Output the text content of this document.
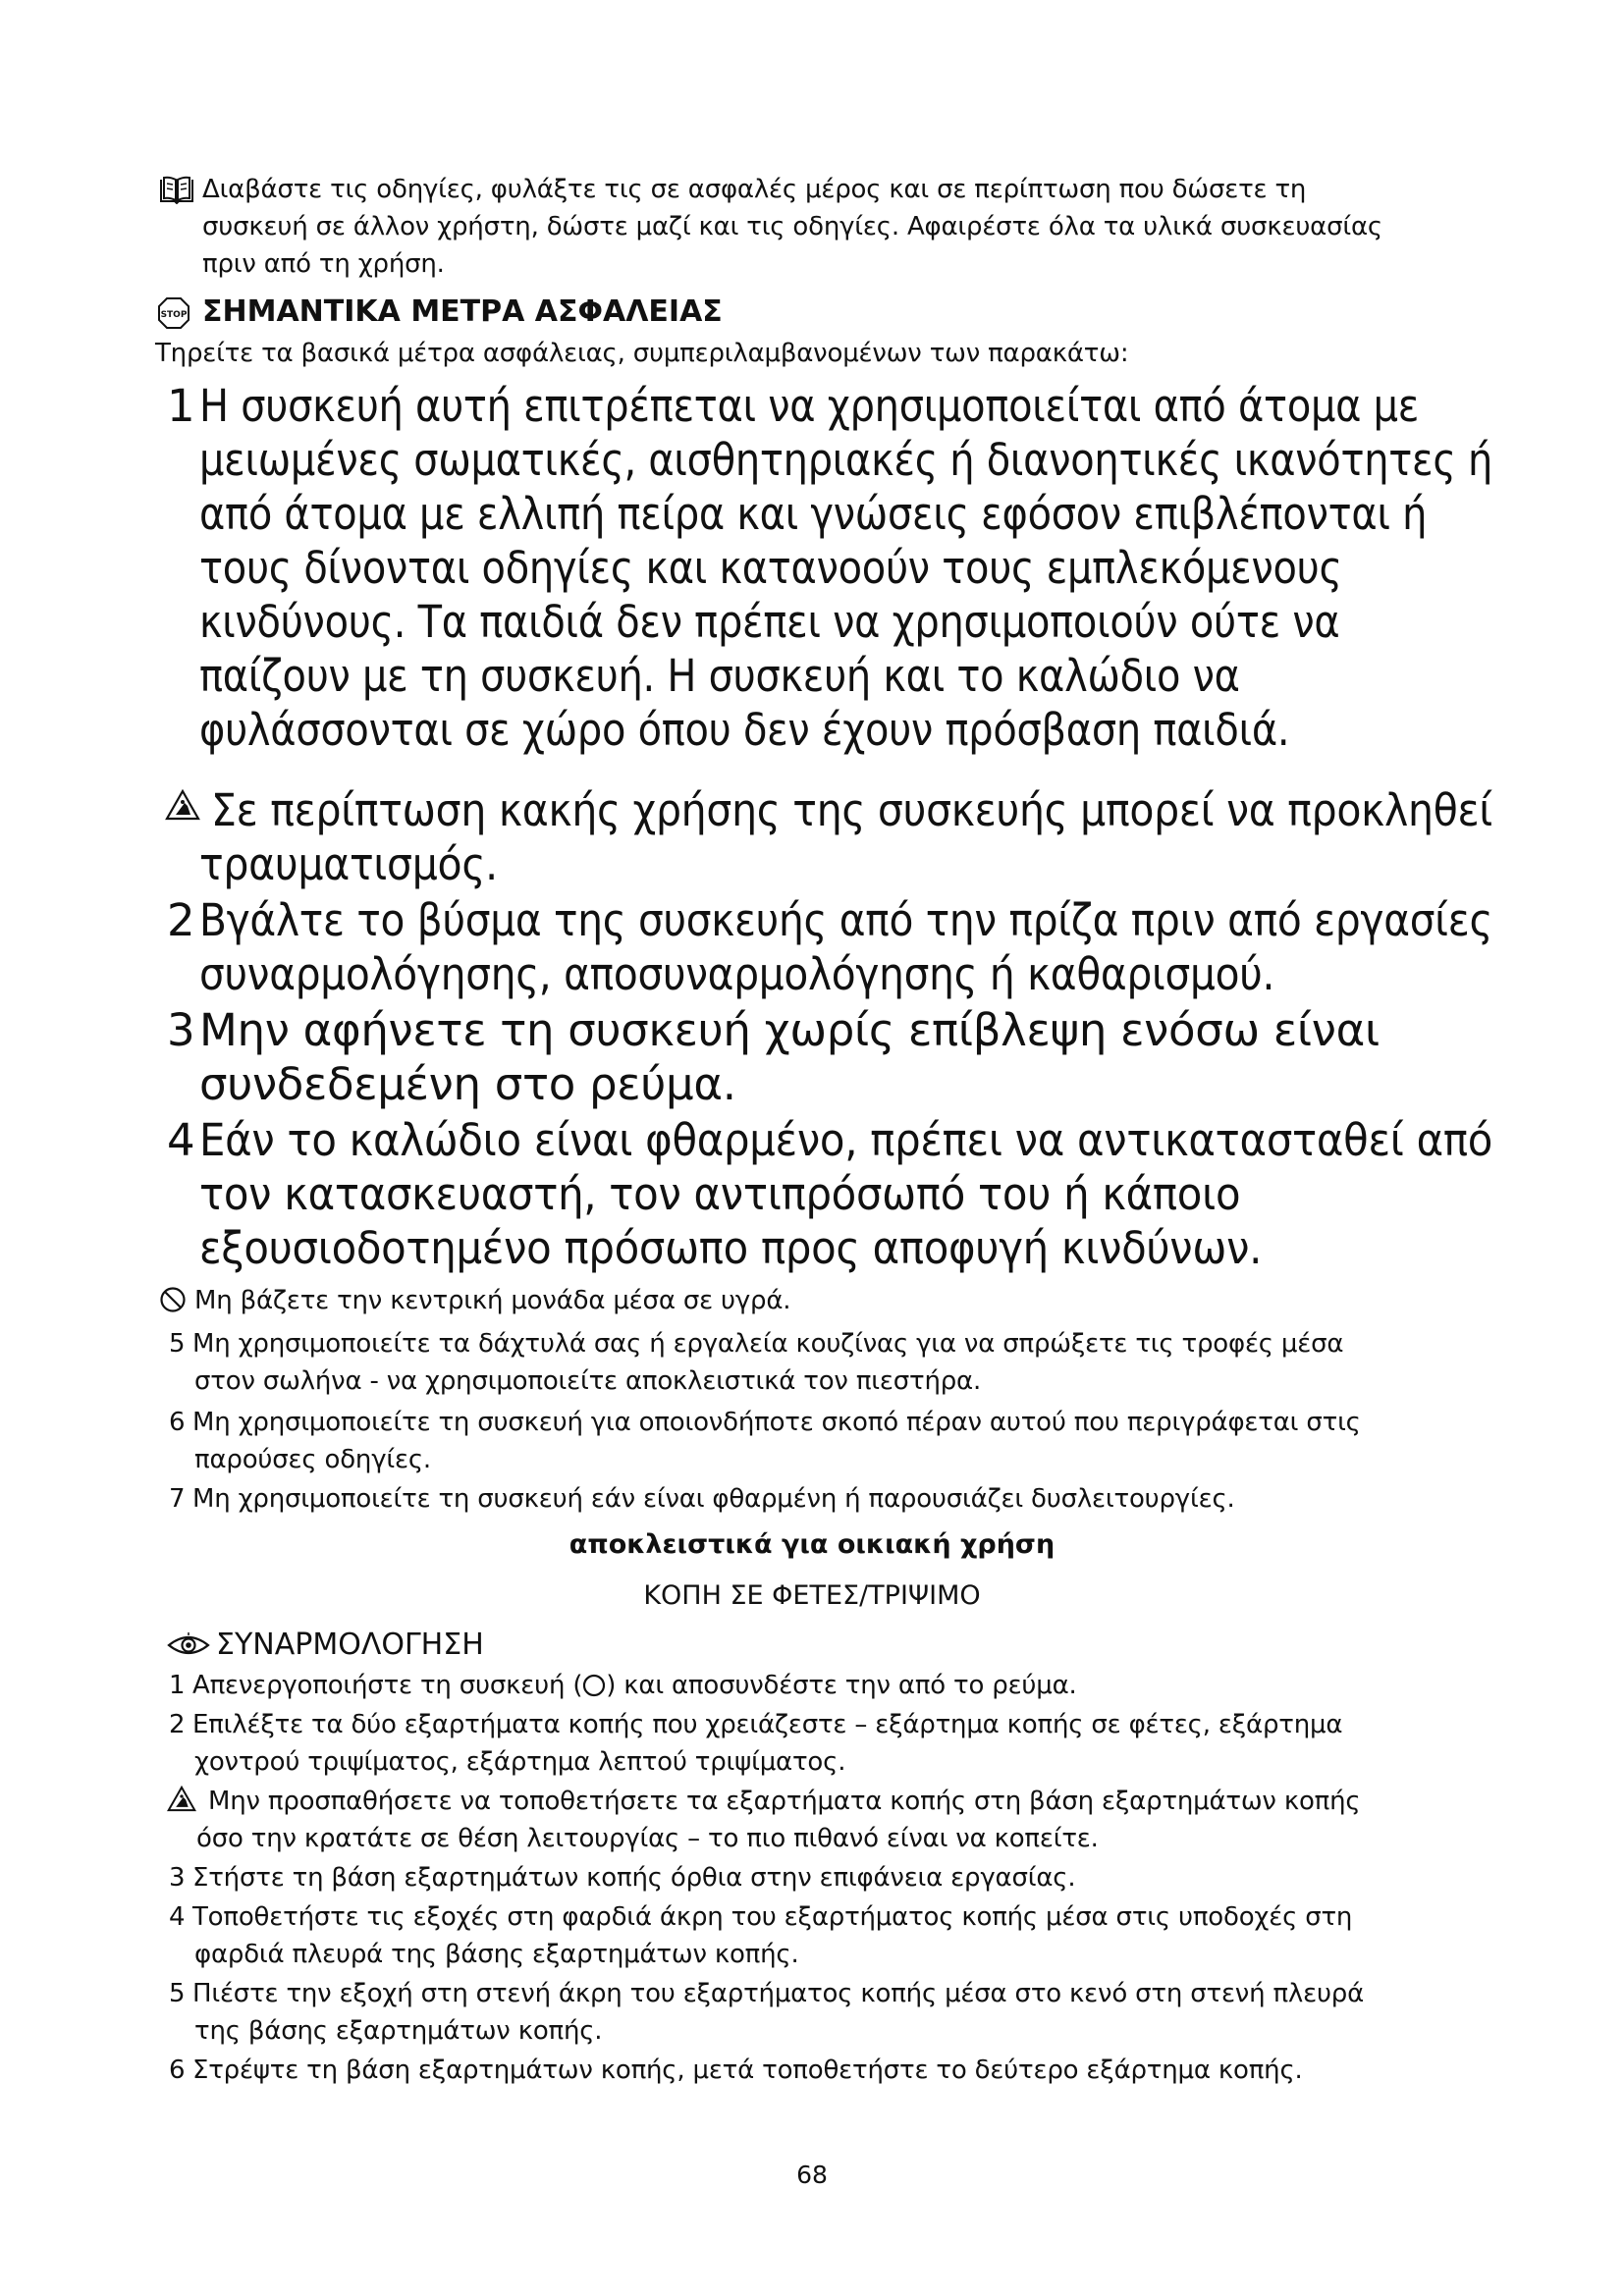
Διαβάστε τις οδηγίες, φυλάξτε τις σε ασφαλές μέρος και σε περίπτωση που δώσετε τη
συσκευή σε άλλον χρήστη, δώστε μαζί και τις οδηγίες. Αφαιρέστε όλα τα υλικά συσκευασίας
πριν από τη χρήση.
STOP ΣΗΜΑΝΤΙΚΑ ΜΕΤΡΑ ΑΣΦΑΛΕΙΑΣ
Τηρείτε τα βασικά μέτρα ασφάλειας, συμπεριλαμβανομένων των παρακάτω:
1 Η συσκευή αυτή επιτρέπεται να χρησιμοποιείται από άτομα με
μειωμένες σωματικές, αισθητηριακές ή διανοητικές ικανότητες ή
από άτομα με ελλιπή πείρα και γνώσεις εφόσον επιβλέπονται ή
τους δίνονται οδηγίες και κατανοούν τους εμπλεκόμενους
κινδύνους. Τα παιδιά δεν πρέπει να χρησιμοποιούν ούτε να
παίζουν με τη συσκευή. Η συσκευή και το καλώδιο να
φυλάσσονται σε χώρο όπου δεν έχουν πρόσβαση παιδιά.
Σε περίπτωση κακής χρήσης της συσκευής μπορεί να προκληθεί
τραυματισμός.
2 Βγάλτε το βύσμα της συσκευής από την πρίζα πριν από εργασίες
συναρμολόγησης, αποσυναρμολόγησης ή καθαρισμού.
3 Μην αφήνετε τη συσκευή χωρίς επίβλεψη ενόσω είναι
συνδεδεμένη στο ρεύμα.
4 Εάν το καλώδιο είναι φθαρμένο, πρέπει να αντικατασταθεί από
τον κατασκευαστή, τον αντιπρόσωπό του ή κάποιο
εξουσιοδοτημένο πρόσωπο προς αποφυγή κινδύνων.
Μη βάζετε την κεντρική μονάδα μέσα σε υγρά.
5 Μη χρησιμοποιείτε τα δάχτυλά σας ή εργαλεία κουζίνας για να σπρώξετε τις τροφές μέσα
στον σωλήνα - να χρησιμοποιείτε αποκλειστικά τον πιεστήρα.
6 Μη χρησιμοποιείτε τη συσκευή για οποιονδήποτε σκοπό πέραν αυτού που περιγράφεται στις
παρούσες οδηγίες.
7 Μη χρησιμοποιείτε τη συσκευή εάν είναι φθαρμένη ή παρουσιάζει δυσλειτουργίες.
αποκλειστικά για οικιακή χρήση
ΚΟΠΗ ΣΕ ΦΕΤΕΣ/ΤΡΙΨΙΜΟ
ΣΥΝΑΡΜΟΛΟΓΗΣΗ
1 Απενεργοποιήστε τη συσκευή ( ) και αποσυνδέστε την από το ρεύμα.
2 Επιλέξτε τα δύο εξαρτήματα κοπής που χρειάζεστε – εξάρτημα κοπής σε φέτες, εξάρτημα
χοντρού τριψίματος, εξάρτημα λεπτού τριψίματος.
Μην προσπαθήσετε να τοποθετήσετε τα εξαρτήματα κοπής στη βάση εξαρτημάτων κοπής
όσο την κρατάτε σε θέση λειτουργίας – το πιο πιθανό είναι να κοπείτε.
3 Στήστε τη βάση εξαρτημάτων κοπής όρθια στην επιφάνεια εργασίας.
4 Τοποθετήστε τις εξοχές στη φαρδιά άκρη του εξαρτήματος κοπής μέσα στις υποδοχές στη
φαρδιά πλευρά της βάσης εξαρτημάτων κοπής.
5 Πιέστε την εξοχή στη στενή άκρη του εξαρτήματος κοπής μέσα στο κενό στη στενή πλευρά
της βάσης εξαρτημάτων κοπής.
6 Στρέψτε τη βάση εξαρτημάτων κοπής, μετά τοποθετήστε το δεύτερο εξάρτημα κοπής.
68
